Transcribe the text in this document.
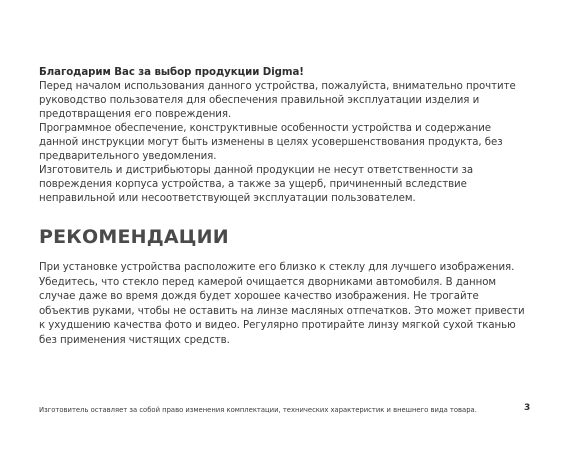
Благодарим Вас за выбор продукции Digma!

Перед началом использования данного устройства, пожалуйста, внимательно прочтите руководство пользователя для обеспечения правильной эксплуатации изделия и предотвращения его повреждения.

Программное обеспечение, конструктивные особенности устройства и содержание данной инструкции могут быть изменены в целях усовершенствования продукта, без предварительного уведомления.

Изготовитель и дистрибьюторы данной продукции не несут ответственности за повреждения корпуса устройства, а также за ущерб, причиненный вследствие неправильной или несоответствующей эксплуатации пользователем.

РЕКОМЕНДАЦИИ

При установке устройства расположите его близко к стеклу для лучшего изображения. Убедитесь, что стекло перед камерой очищается дворниками автомобиля. В данном случае даже во время дождя будет хорошее качество изображения. Не трогайте объектив руками, чтобы не оставить на линзе масляных отпечатков. Это может привести к ухудшению качества фото и видео. Регулярно протирайте линзу мягкой сухой тканью без применения чистящих средств.

Изготовитель оставляет за собой право изменения комплектации, технических характеристик и внешнего вида товара.	3
